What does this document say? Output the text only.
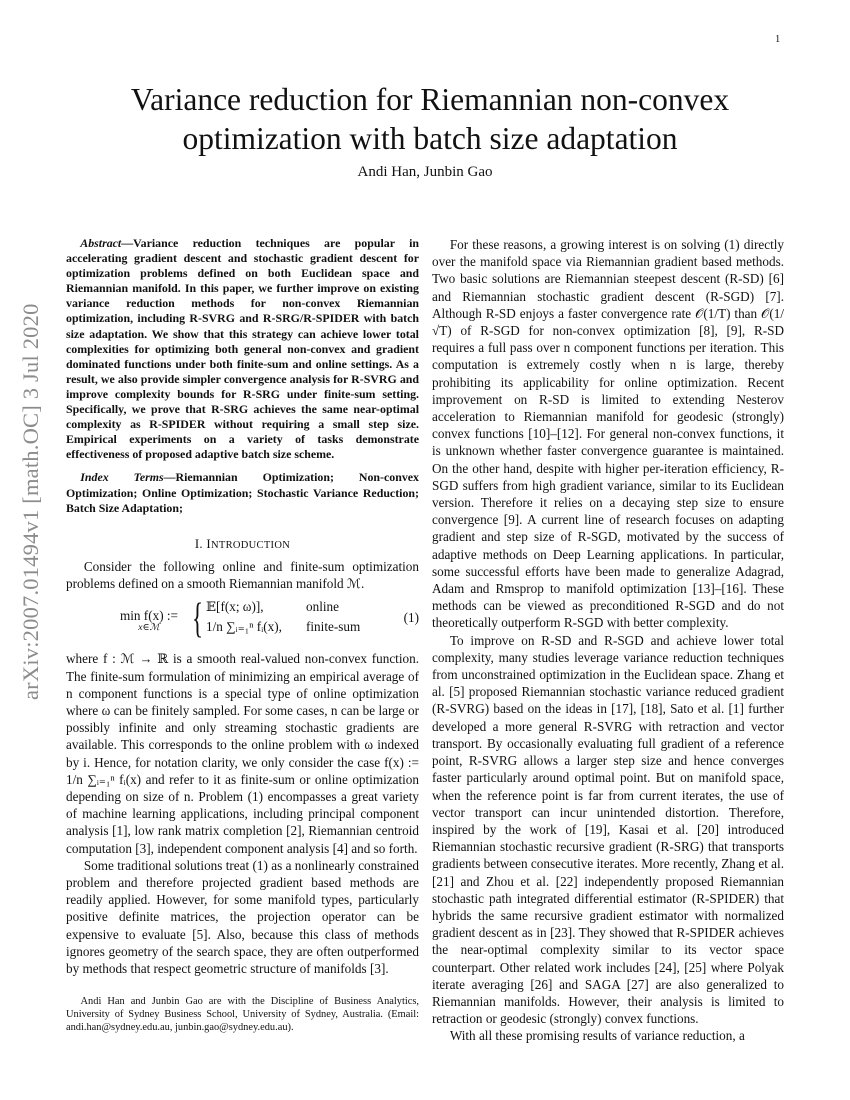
1
arXiv:2007.01494v1 [math.OC] 3 Jul 2020
Variance reduction for Riemannian non-convex
optimization with batch size adaptation
Andi Han, Junbin Gao

Abstract—Variance reduction techniques are popular in accelerating gradient descent and stochastic gradient descent for optimization problems defined on both Euclidean space and Riemannian manifold. In this paper, we further improve on existing variance reduction methods for non-convex Riemannian optimization, including R-SVRG and R-SRG/R-SPIDER with batch size adaptation. We show that this strategy can achieve lower total complexities for optimizing both general non-convex and gradient dominated functions under both finite-sum and online settings. As a result, we also provide simpler convergence analysis for R-SVRG and improve complexity bounds for R-SRG under finite-sum setting. Specifically, we prove that R-SRG achieves the same near-optimal complexity as R-SPIDER without requiring a small step size. Empirical experiments on a variety of tasks demonstrate effectiveness of proposed adaptive batch size scheme.

Index Terms—Riemannian Optimization; Non-convex Optimization; Online Optimization; Stochastic Variance Reduction; Batch Size Adaptation;

I. INTRODUCTION

Consider the following online and finite-sum optimization problems defined on a smooth Riemannian manifold ℳ.

min f(x) :=
x∈ℳ { 𝔼[f(x; ω)],	online
1/n ∑ᵢ₌₁ⁿ fᵢ(x), finite-sum
(1)

where f : ℳ → ℝ is a smooth real-valued non-convex function. The finite-sum formulation of minimizing an empirical average of n component functions is a special type of online optimization where ω can be finitely sampled. For some cases, n can be large or possibly infinite and only streaming stochastic gradients are available. This corresponds to the online problem with ω indexed by i. Hence, for notation clarity, we only consider the case f(x) := 1/n ∑ᵢ₌₁ⁿ fᵢ(x) and refer to it as finite-sum or online optimization depending on size of n. Problem (1) encompasses a great variety of machine learning applications, including principal component analysis [1], low rank matrix completion [2], Riemannian centroid computation [3], independent component analysis [4] and so forth.

Some traditional solutions treat (1) as a nonlinearly constrained problem and therefore projected gradient based methods are readily applied. However, for some manifold types, particularly positive definite matrices, the projection operator can be expensive to evaluate [5]. Also, because this class of methods ignores geometry of the search space, they are often outperformed by methods that respect geometric structure of manifolds [3].

Andi Han and Junbin Gao are with the Discipline of Business Analytics, University of Sydney Business School, University of Sydney, Australia. (Email: andi.han@sydney.edu.au, junbin.gao@sydney.edu.au).

For these reasons, a growing interest is on solving (1) directly over the manifold space via Riemannian gradient based methods. Two basic solutions are Riemannian steepest descent (R-SD) [6] and Riemannian stochastic gradient descent (R-SGD) [7]. Although R-SD enjoys a faster convergence rate 𝒪(1/T) than 𝒪(1/√T) of R-SGD for non-convex optimization [8], [9], R-SD requires a full pass over n component functions per iteration. This computation is extremely costly when n is large, thereby prohibiting its applicability for online optimization. Recent improvement on R-SD is limited to extending Nesterov acceleration to Riemannian manifold for geodesic (strongly) convex functions [10]–[12]. For general non-convex functions, it is unknown whether faster convergence guarantee is maintained. On the other hand, despite with higher per-iteration efficiency, R-SGD suffers from high gradient variance, similar to its Euclidean version. Therefore it relies on a decaying step size to ensure convergence [9]. A current line of research focuses on adapting gradient and step size of R-SGD, motivated by the success of adaptive methods on Deep Learning applications. In particular, some successful efforts have been made to generalize Adagrad, Adam and Rmsprop to manifold optimization [13]–[16]. These methods can be viewed as preconditioned R-SGD and do not theoretically outperform R-SGD with better complexity.

To improve on R-SD and R-SGD and achieve lower total complexity, many studies leverage variance reduction techniques from unconstrained optimization in the Euclidean space. Zhang et al. [5] proposed Riemannian stochastic variance reduced gradient (R-SVRG) based on the ideas in [17], [18], Sato et al. [1] further developed a more general R-SVRG with retraction and vector transport. By occasionally evaluating full gradient of a reference point, R-SVRG allows a larger step size and hence converges faster particularly around optimal point. But on manifold space, when the reference point is far from current iterates, the use of vector transport can incur unintended distortion. Therefore, inspired by the work of [19], Kasai et al. [20] introduced Riemannian stochastic recursive gradient (R-SRG) that transports gradients between consecutive iterates. More recently, Zhang et al. [21] and Zhou et al. [22] independently proposed Riemannian stochastic path integrated differential estimator (R-SPIDER) that hybrids the same recursive gradient estimator with normalized gradient descent as in [23]. They showed that R-SPIDER achieves the near-optimal complexity similar to its vector space counterpart. Other related work includes [24], [25] where Polyak iterate averaging [26] and SAGA [27] are also generalized to Riemannian manifolds. However, their analysis is limited to retraction or geodesic (strongly) convex functions.

With all these promising results of variance reduction, a
